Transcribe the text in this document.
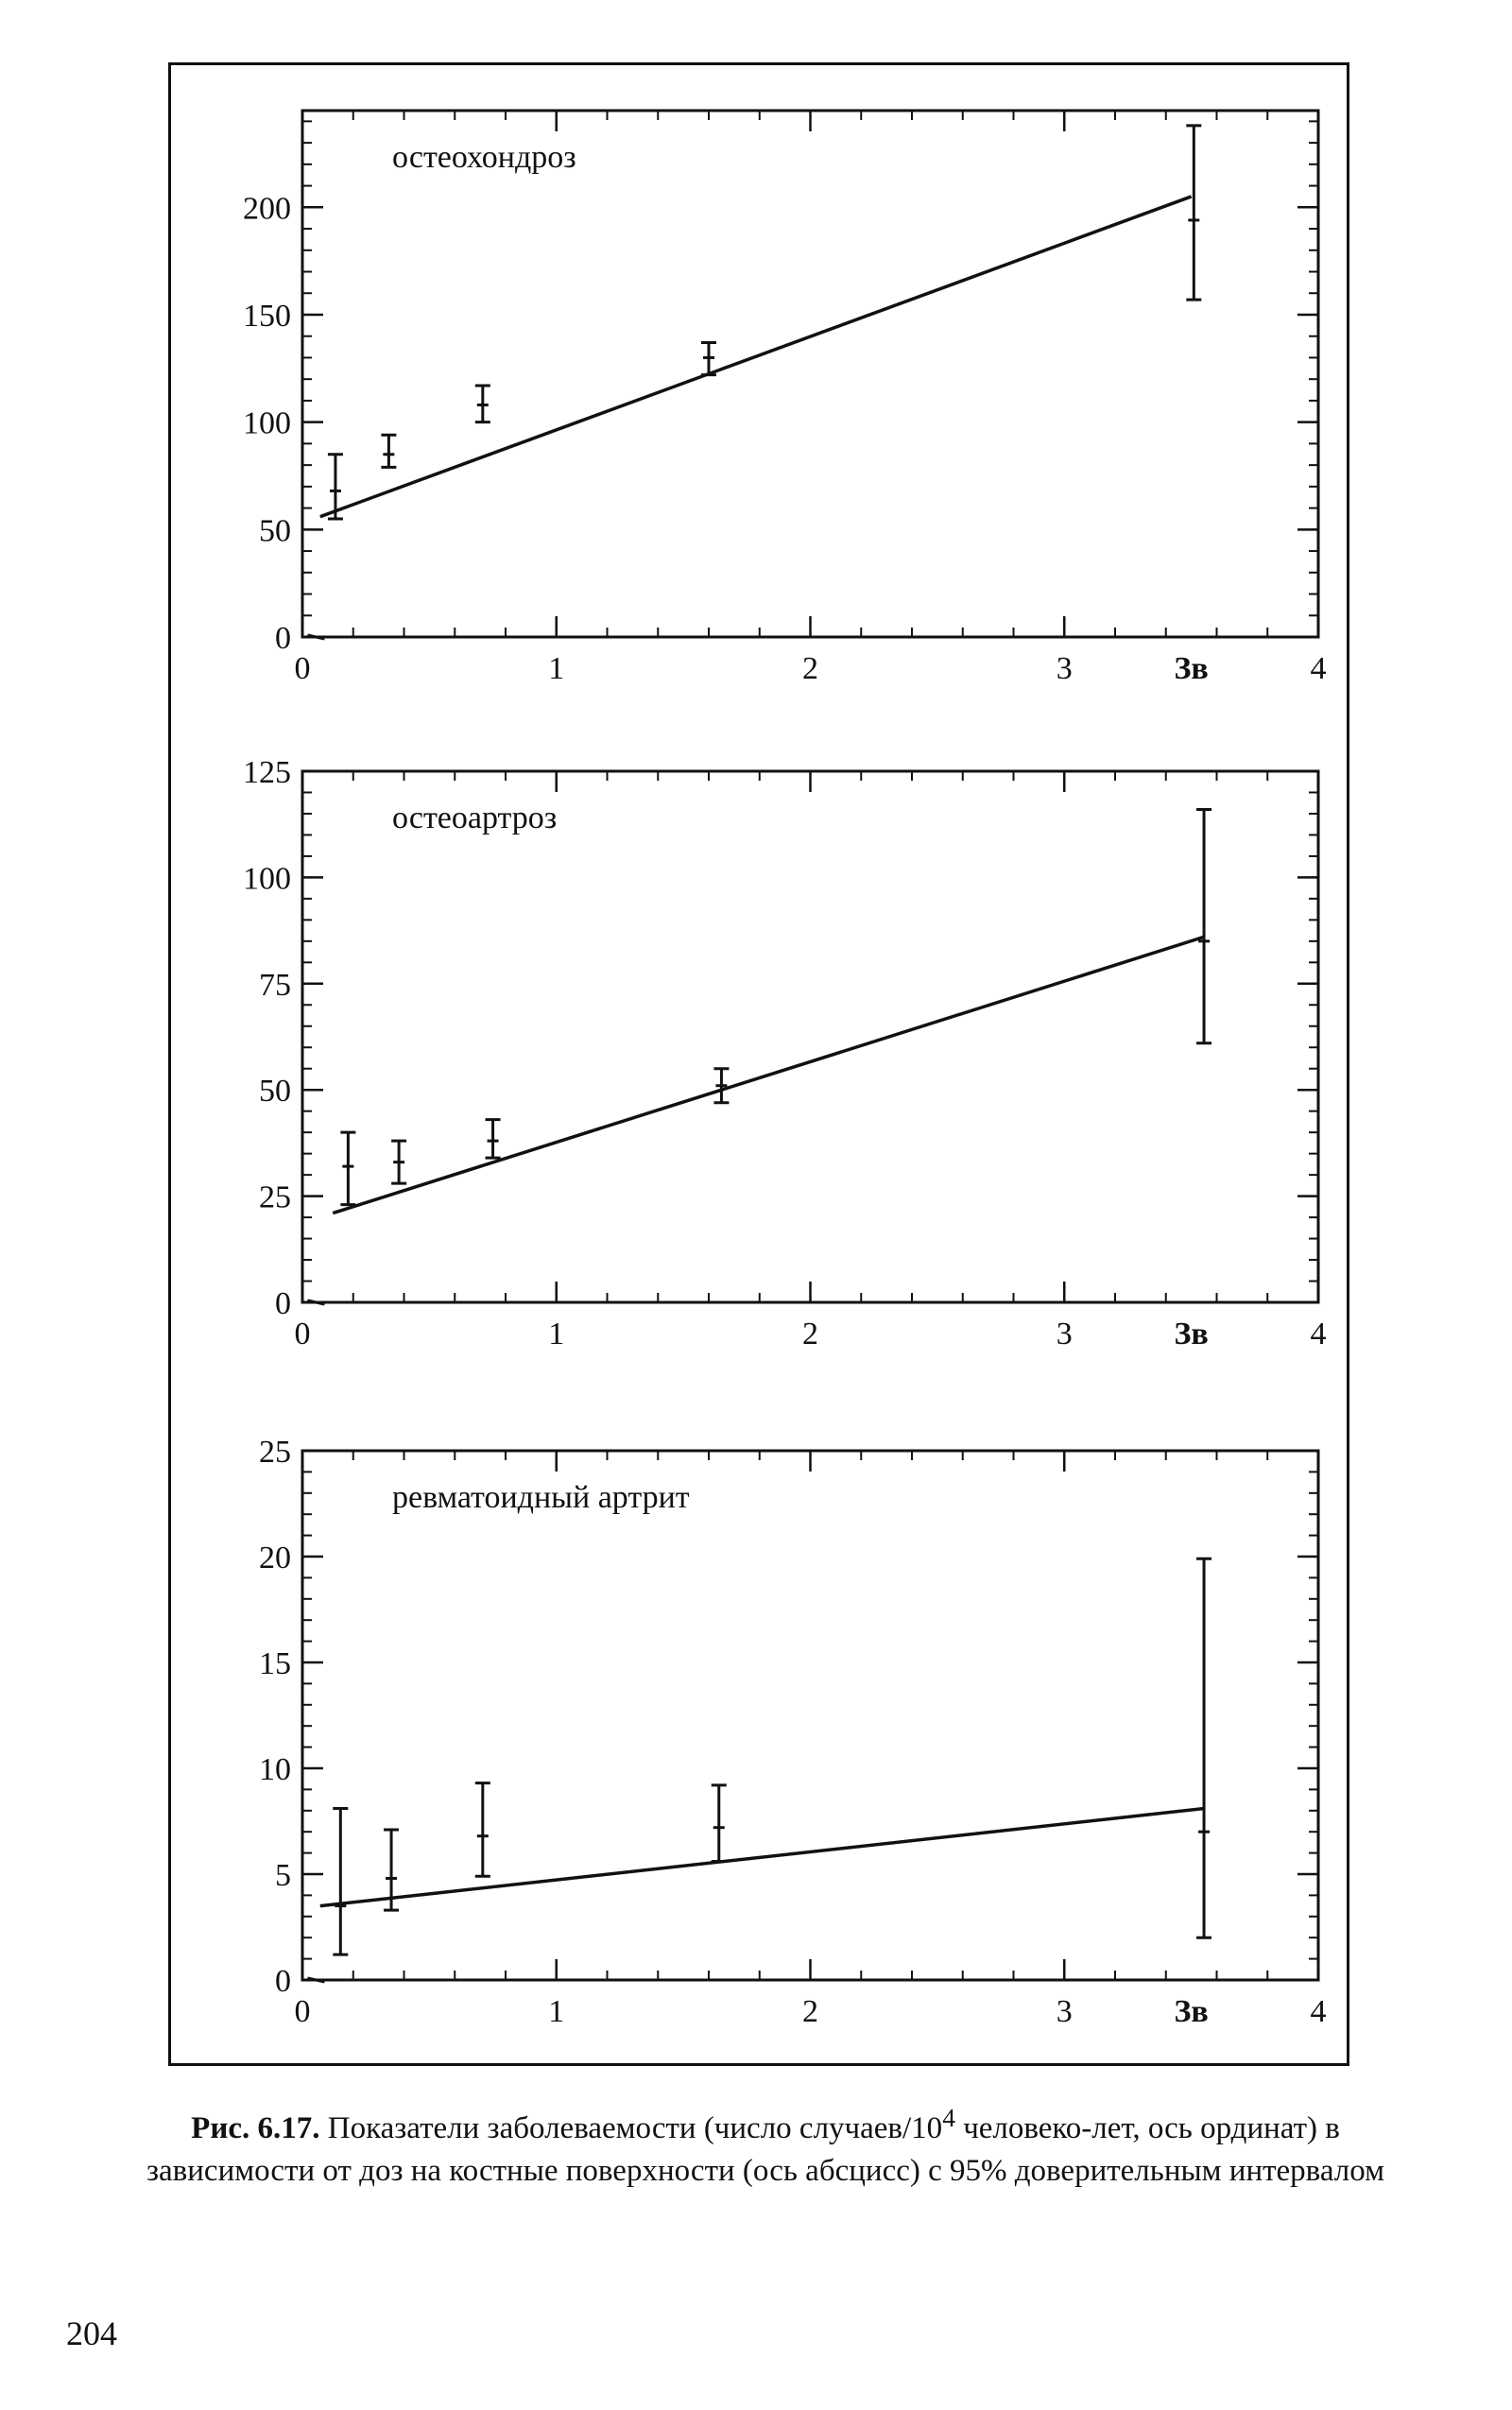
0	1	2	3	Зв	4
0
50
100
150
200
остеохондроз
0	1	2	3	Зв	4
0
25
50
75
100
125
остеоартроз
0	1	2	3	Зв	4
0
5
10
15
20
25
ревматоидный артрит
Рис. 6.17. Показатели заболеваемости (число случаев/$10^4$ человеко-лет, ось ординат) в зависимости от доз на костные поверхности (ось абсцисс) с 95% доверительным интервалом
204
